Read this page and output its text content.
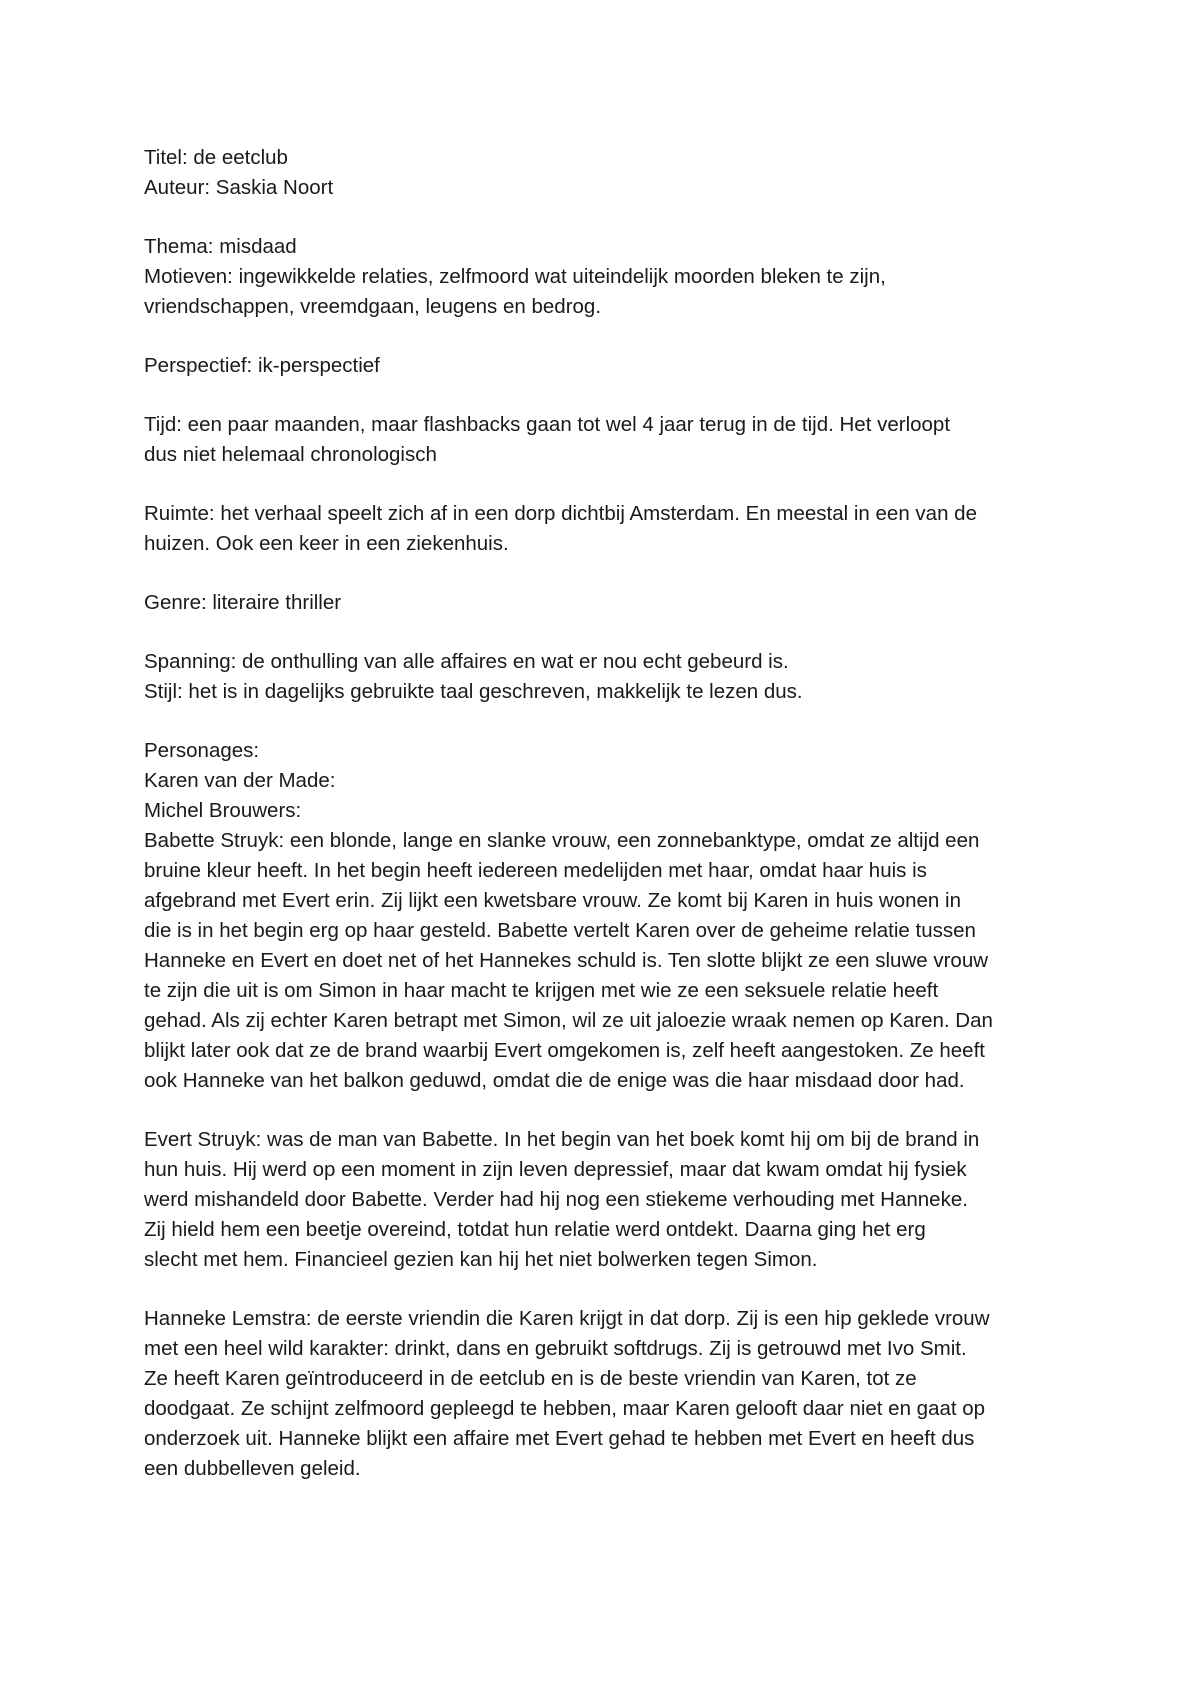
Titel: de eetclub
Auteur: Saskia Noort
Thema: misdaad
Motieven: ingewikkelde relaties, zelfmoord wat uiteindelijk moorden bleken te zijn,
vriendschappen, vreemdgaan, leugens en bedrog.
Perspectief: ik-perspectief
Tijd: een paar maanden, maar flashbacks gaan tot wel 4 jaar terug in de tijd. Het verloopt
dus niet helemaal chronologisch
Ruimte: het verhaal speelt zich af in een dorp dichtbij Amsterdam. En meestal in een van de
huizen. Ook een keer in een ziekenhuis.
Genre: literaire thriller
Spanning: de onthulling van alle affaires en wat er nou echt gebeurd is.
Stijl: het is in dagelijks gebruikte taal geschreven, makkelijk te lezen dus.
Personages:
Karen van der Made:
Michel Brouwers:
Babette Struyk: een blonde, lange en slanke vrouw, een zonnebanktype, omdat ze altijd een
bruine kleur heeft. In het begin heeft iedereen medelijden met haar, omdat haar huis is
afgebrand met Evert erin. Zij lijkt een kwetsbare vrouw. Ze komt bij Karen in huis wonen in
die is in het begin erg op haar gesteld. Babette vertelt Karen over de geheime relatie tussen
Hanneke en Evert en doet net of het Hannekes schuld is. Ten slotte blijkt ze een sluwe vrouw
te zijn die uit is om Simon in haar macht te krijgen met wie ze een seksuele relatie heeft
gehad. Als zij echter Karen betrapt met Simon, wil ze uit jaloezie wraak nemen op Karen. Dan
blijkt later ook dat ze de brand waarbij Evert omgekomen is, zelf heeft aangestoken. Ze heeft
ook Hanneke van het balkon geduwd, omdat die de enige was die haar misdaad door had.
Evert Struyk: was de man van Babette. In het begin van het boek komt hij om bij de brand in
hun huis. Hij werd op een moment in zijn leven depressief, maar dat kwam omdat hij fysiek
werd mishandeld door Babette. Verder had hij nog een stiekeme verhouding met Hanneke.
Zij hield hem een beetje overeind, totdat hun relatie werd ontdekt. Daarna ging het erg
slecht met hem. Financieel gezien kan hij het niet bolwerken tegen Simon.
Hanneke Lemstra: de eerste vriendin die Karen krijgt in dat dorp. Zij is een hip geklede vrouw
met een heel wild karakter: drinkt, dans en gebruikt softdrugs. Zij is getrouwd met Ivo Smit.
Ze heeft Karen geïntroduceerd in de eetclub en is de beste vriendin van Karen, tot ze
doodgaat. Ze schijnt zelfmoord gepleegd te hebben, maar Karen gelooft daar niet en gaat op
onderzoek uit. Hanneke blijkt een affaire met Evert gehad te hebben met Evert en heeft dus
een dubbelleven geleid.
